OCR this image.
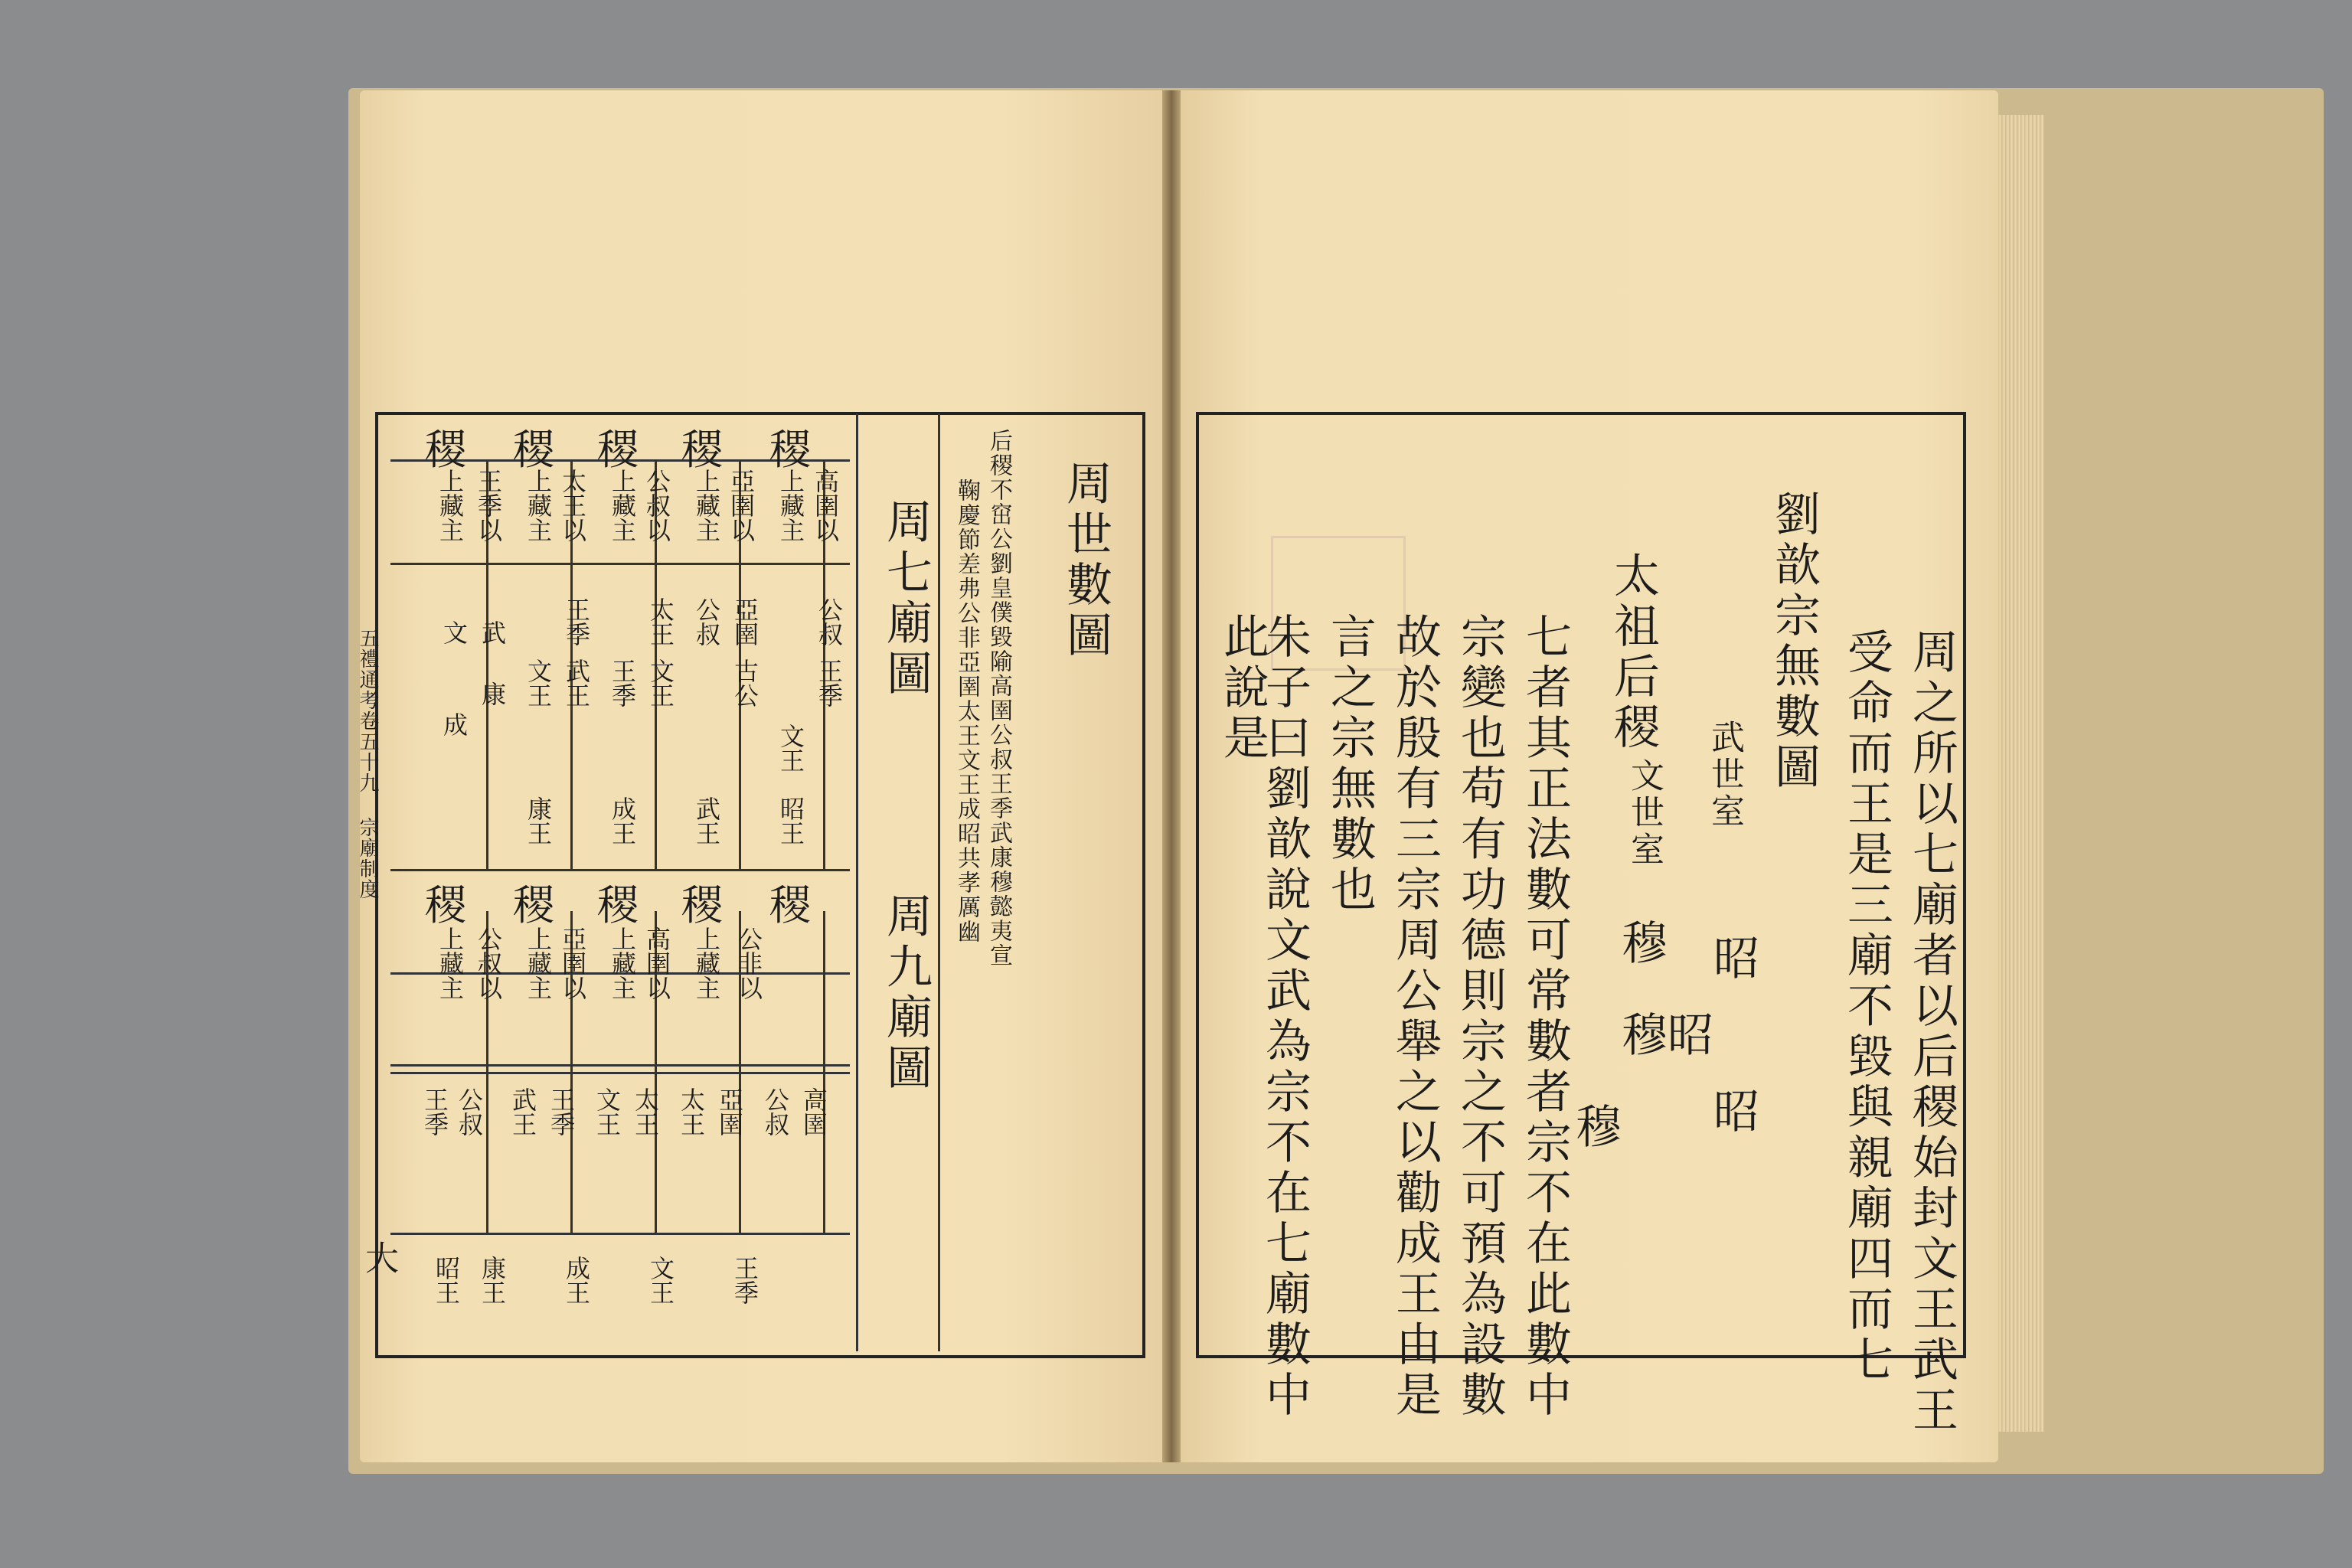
五禮通考卷五十九 宗廟制度
大
周世數圖
后稷不窋公劉皇僕毀隃高圉公叔王季武康穆懿夷宣
鞠慶節差弗公非亞圉太王文王成昭共孝厲幽
周七廟圖
周九廟圖
稷 稷 稷 稷 稷
高圉以
亞圉以
公叔以
太王以
王季以	上藏主
上藏主
上藏主
上藏主
上藏主
公叔
王季
文王
昭王
亞圉
古公
公叔
武王
太王
文王
王季
成王
王季
武王
文王
康王
文 武
康
成
稷 稷 稷 稷 稷
公非以
上藏主
高圉以
上藏主
亞圉以
上藏主
公叔以
上藏主
高圉
公叔
亞圉
太王
太王
文王
王季
武王
公叔
王季
王季
文王
成王
康王
昭王	周之所以七廟者以后稷始封文王武王
受命而王是三廟不毀與親廟四而七
劉歆宗無數圖
太祖后稷
武世室
文世室
昭
昭
昭
穆
穆
穆
七者其正法數可常數者宗不在此數中
宗變也苟有功德則宗之不可預為設數
故於殷有三宗周公舉之以勸成王由是
言之宗無數也
朱子曰劉歆說文武為宗不在七廟數中
此說是
